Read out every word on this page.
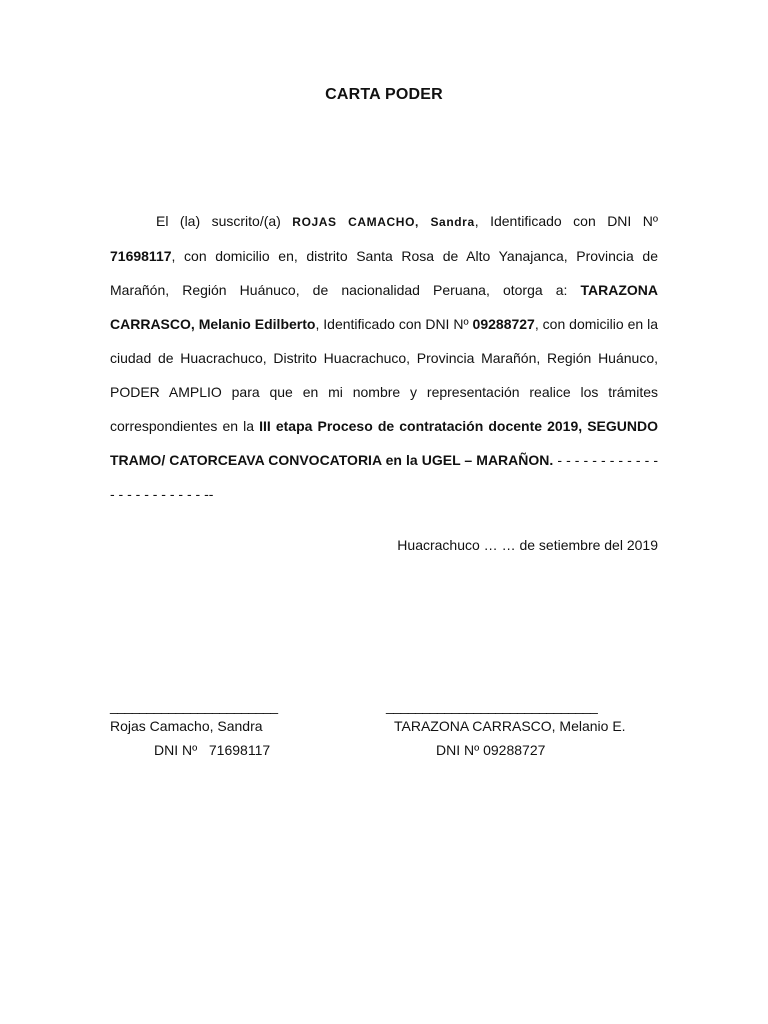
CARTA PODER

El (la) suscrito/(a) ROJAS CAMACHO, Sandra, Identificado con DNI Nº 71698117, con domicilio en, distrito Santa Rosa de Alto Yanajanca, Provincia de Marañón, Región Huánuco, de nacionalidad Peruana, otorga a: TARAZONA CARRASCO, Melanio Edilberto, Identificado con DNI Nº 09288727, con domicilio en la ciudad de Huacrachuco, Distrito Huacrachuco, Provincia Marañón, Región Huánuco, PODER AMPLIO para que en mi nombre y representación realice los trámites correspondientes en la III etapa Proceso de contratación docente 2019, SEGUNDO TRAMO/ CATORCEAVA CONVOCATORIA en la UGEL – MARAÑON. - - - - - - - - - - - - - - - - - - - - - - - --

Huacrachuco … … de setiembre del 2019
_______________________
Rojas Camacho, Sandra
DNI Nº   71698117
_____________________________
TARAZONA CARRASCO, Melanio E.
DNI Nº 09288727
